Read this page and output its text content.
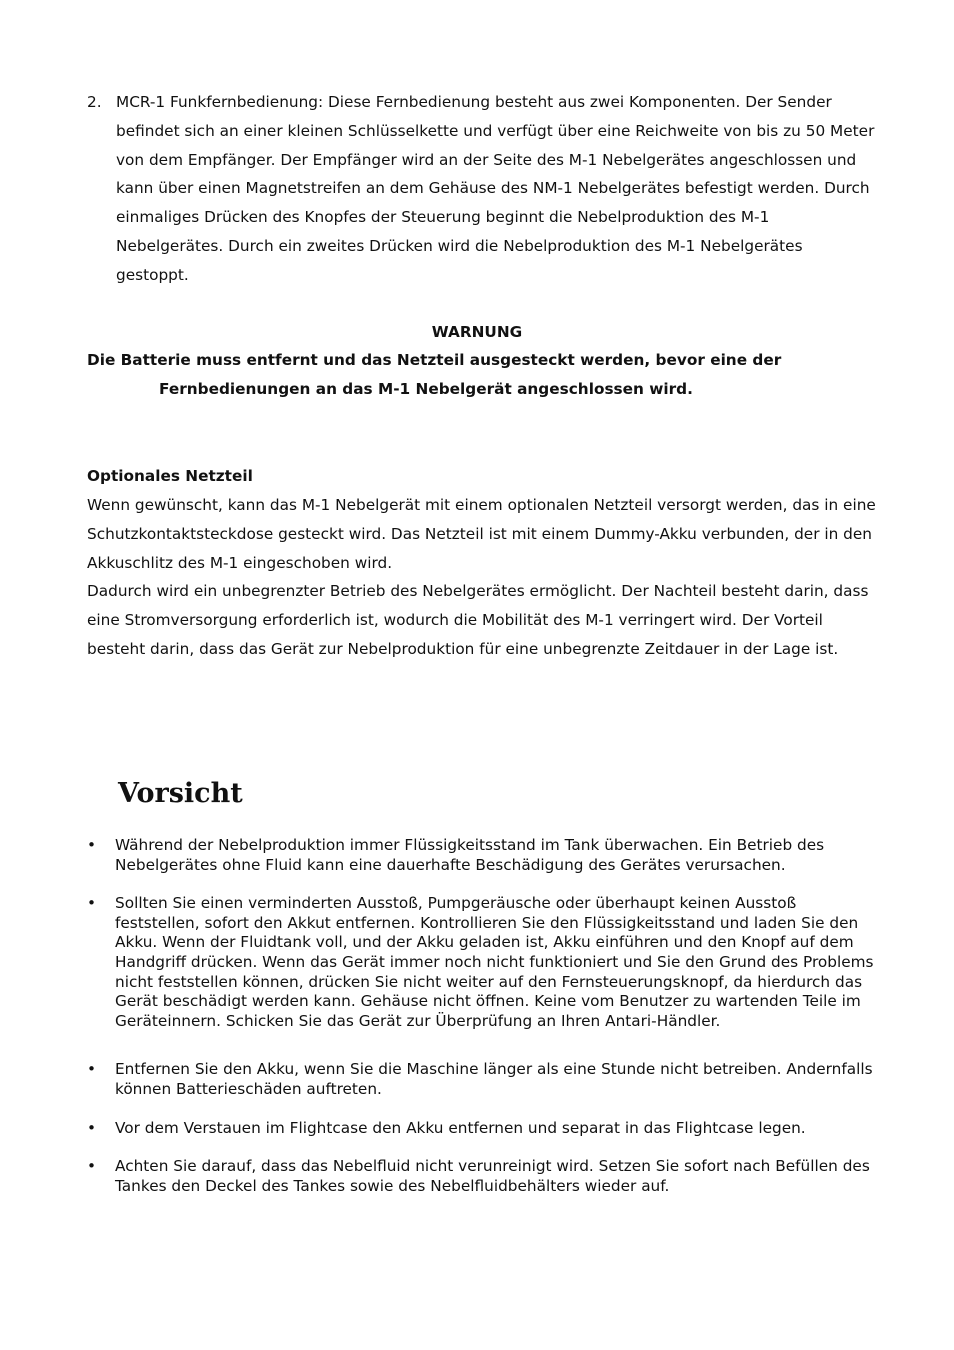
2. MCR-1 Funkfernbedienung: Diese Fernbedienung besteht aus zwei Komponenten. Der Sender befindet sich an einer kleinen Schlüsselkette und verfügt über eine Reichweite von bis zu 50 Meter von dem Empfänger. Der Empfänger wird an der Seite des M-1 Nebelgerätes angeschlossen und kann über einen Magnetstreifen an dem Gehäuse des NM-1 Nebelgerätes befestigt werden. Durch einmaliges Drücken des Knopfes der Steuerung beginnt die Nebelproduktion des M-1 Nebelgerätes. Durch ein zweites Drücken wird die Nebelproduktion des M-1 Nebelgerätes gestoppt.
WARNUNG
Die Batterie muss entfernt und das Netzteil ausgesteckt werden, bevor eine der
Fernbedienungen an das M-1 Nebelgerät angeschlossen wird.
Optionales Netzteil

Wenn gewünscht, kann das M-1 Nebelgerät mit einem optionalen Netzteil versorgt werden, das in eine Schutzkontaktsteckdose gesteckt wird. Das Netzteil ist mit einem Dummy-Akku verbunden, der in den Akkuschlitz des M-1 eingeschoben wird.

Dadurch wird ein unbegrenzter Betrieb des Nebelgerätes ermöglicht. Der Nachteil besteht darin, dass eine Stromversorgung erforderlich ist, wodurch die Mobilität des M-1 verringert wird. Der Vorteil besteht darin, dass das Gerät zur Nebelproduktion für eine unbegrenzte Zeitdauer in der Lage ist.

Vorsicht
• Während der Nebelproduktion immer Flüssigkeitsstand im Tank überwachen. Ein Betrieb des Nebelgerätes ohne Fluid kann eine dauerhafte Beschädigung des Gerätes verursachen.
• Sollten Sie einen verminderten Ausstoß, Pumpgeräusche oder überhaupt keinen Ausstoß feststellen, sofort den Akkut entfernen. Kontrollieren Sie den Flüssigkeitsstand und laden Sie den Akku. Wenn der Fluidtank voll, und der Akku geladen ist, Akku einführen und den Knopf auf dem Handgriff drücken. Wenn das Gerät immer noch nicht funktioniert und Sie den Grund des Problems nicht feststellen können, drücken Sie nicht weiter auf den Fernsteuerungsknopf, da hierdurch das Gerät beschädigt werden kann. Gehäuse nicht öffnen. Keine vom Benutzer zu wartenden Teile im Geräteinnern. Schicken Sie das Gerät zur Überprüfung an Ihren Antari-Händler.
• Entfernen Sie den Akku, wenn Sie die Maschine länger als eine Stunde nicht betreiben. Andernfalls können Batterieschäden auftreten.
• Vor dem Verstauen im Flightcase den Akku entfernen und separat in das Flightcase legen.
• Achten Sie darauf, dass das Nebelfluid nicht verunreinigt wird. Setzen Sie sofort nach Befüllen des Tankes den Deckel des Tankes sowie des Nebelfluidbehälters wieder auf.
